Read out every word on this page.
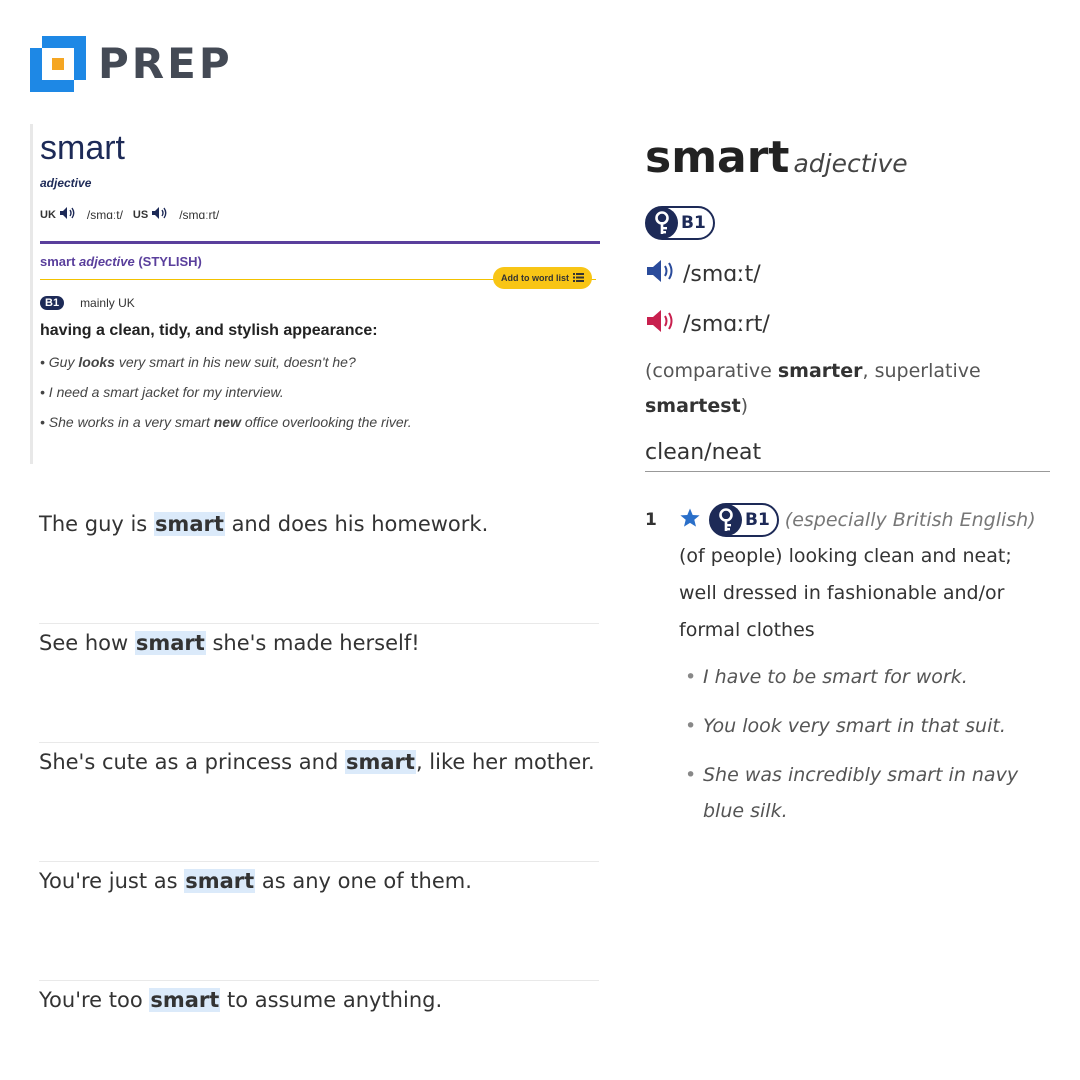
PREP
smart
adjective
UK	/smɑːt/ US	/smɑːrt/
smart adjective (STYLISH)
Add to word list
B1	mainly UK
having a clean, tidy, and stylish appearance:
• Guy looks very smart in his new suit, doesn't he?
• I need a smart jacket for my interview.
• She works in a very smart new office overlooking the river.
The guy is smart and does his homework.
See how smart she's made herself!
She's cute as a princess and smart, like her mother.
You're just as smart as any one of them.
You're too smart to assume anything.
smart adjective
B1
/smɑːt/
/smɑːrt/
(comparative smarter, superlative smartest)
clean/neat
1	B1 (especially British English)
(of people) looking clean and neat; well dressed in fashionable and/or formal clothes
• I have to be smart for work.
• You look very smart in that suit.
• She was incredibly smart in navy blue silk.
